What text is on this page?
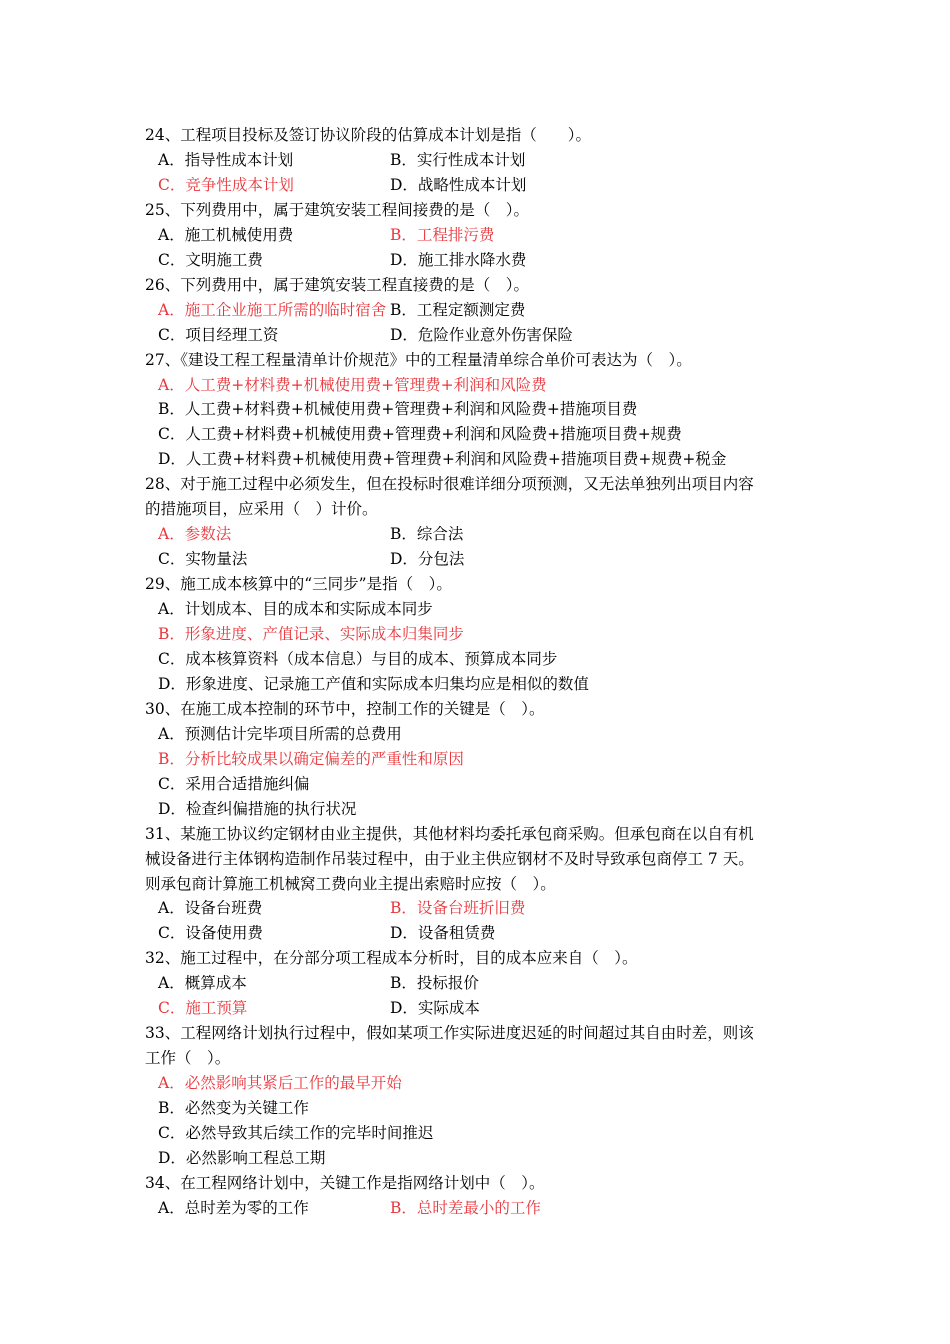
24、工程项目投标及签订协议阶段的估算成本计划是指（　　）。
A．指导性成本计划	B．实行性成本计划
C．竞争性成本计划	D．战略性成本计划
25、下列费用中，属于建筑安装工程间接费的是（　）。
A．施工机械使用费	B．工程排污费
C．文明施工费	D．施工排水降水费
26、下列费用中，属于建筑安装工程直接费的是（　）。
A．施工企业施工所需的临时宿舍 B．工程定额测定费
C．项目经理工资	D．危险作业意外伤害保险
27、《建设工程工程量清单计价规范》中的工程量清单综合单价可表达为（　）。
A．人工费+材料费+机械使用费+管理费+利润和风险费
B．人工费+材料费+机械使用费+管理费+利润和风险费+措施项目费
C．人工费+材料费+机械使用费+管理费+利润和风险费+措施项目费+规费
D．人工费+材料费+机械使用费+管理费+利润和风险费+措施项目费+规费+税金
28、对于施工过程中必须发生，但在投标时很难详细分项预测，又无法单独列出项目内容
的措施项目，应采用（　）计价。
A．参数法	B．综合法
C．实物量法	D．分包法
29、施工成本核算中的“三同步”是指（　）。
A．计划成本、目的成本和实际成本同步
B．形象进度、产值记录、实际成本归集同步
C．成本核算资料（成本信息）与目的成本、预算成本同步
D．形象进度、记录施工产值和实际成本归集均应是相似的数值
30、在施工成本控制的环节中，控制工作的关键是（　）。
A．预测估计完毕项目所需的总费用
B．分析比较成果以确定偏差的严重性和原因
C．采用合适措施纠偏
D．检查纠偏措施的执行状况
31、某施工协议约定钢材由业主提供，其他材料均委托承包商采购。但承包商在以自有机
械设备进行主体钢构造制作吊装过程中，由于业主供应钢材不及时导致承包商停工 7 天。
则承包商计算施工机械窝工费向业主提出索赔时应按（　）。
A．设备台班费	B．设备台班折旧费
C．设备使用费	D．设备租赁费
32、施工过程中，在分部分项工程成本分析时，目的成本应来自（　）。
A．概算成本	B．投标报价
C．施工预算	D．实际成本
33、工程网络计划执行过程中，假如某项工作实际进度迟延的时间超过其自由时差，则该
工作（　）。
A．必然影响其紧后工作的最早开始
B．必然变为关键工作
C．必然导致其后续工作的完毕时间推迟
D．必然影响工程总工期
34、在工程网络计划中，关键工作是指网络计划中（　）。
A．总时差为零的工作	B．总时差最小的工作
